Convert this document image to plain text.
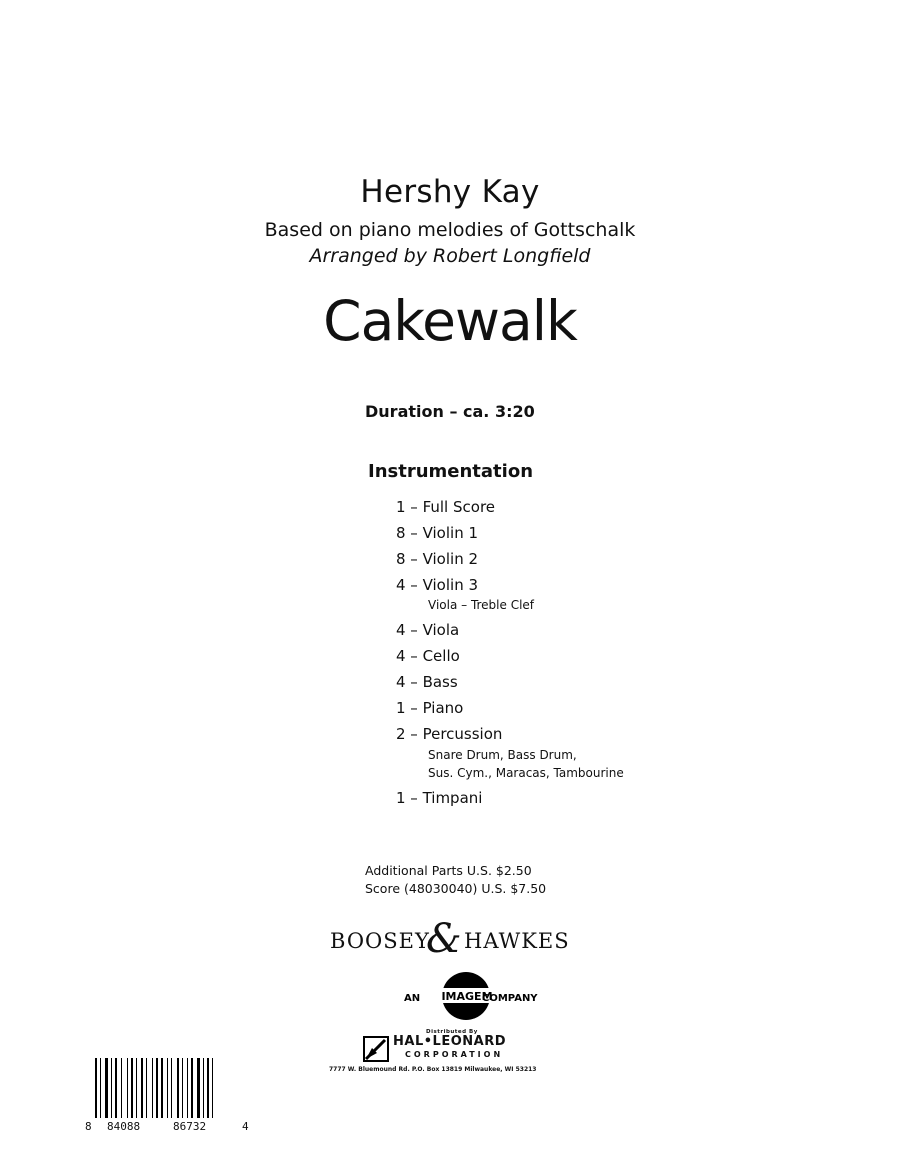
Hershy Kay
Based on piano melodies of Gottschalk
Arranged by Robert Longfield
Cakewalk
Duration – ca. 3:20
Instrumentation
1 – Full Score
8 – Violin 1
8 – Violin 2
4 – Violin 3
Viola – Treble Clef
4 – Viola
4 – Cello
4 – Bass
1 – Piano
2 – Percussion
Snare Drum, Bass Drum,
Sus. Cym., Maracas, Tambourine
1 – Timpani
Additional Parts U.S. $2.50
Score (48030040) U.S. $7.50
BOOSEY
& HAWKES
AN IMAGEM
COMPANY
Distributed By
HAL•LEONARD
CORPORATION
7777 W. Bluemound Rd. P.O. Box 13819 Milwaukee, WI 53213
8 84088	86732	4
